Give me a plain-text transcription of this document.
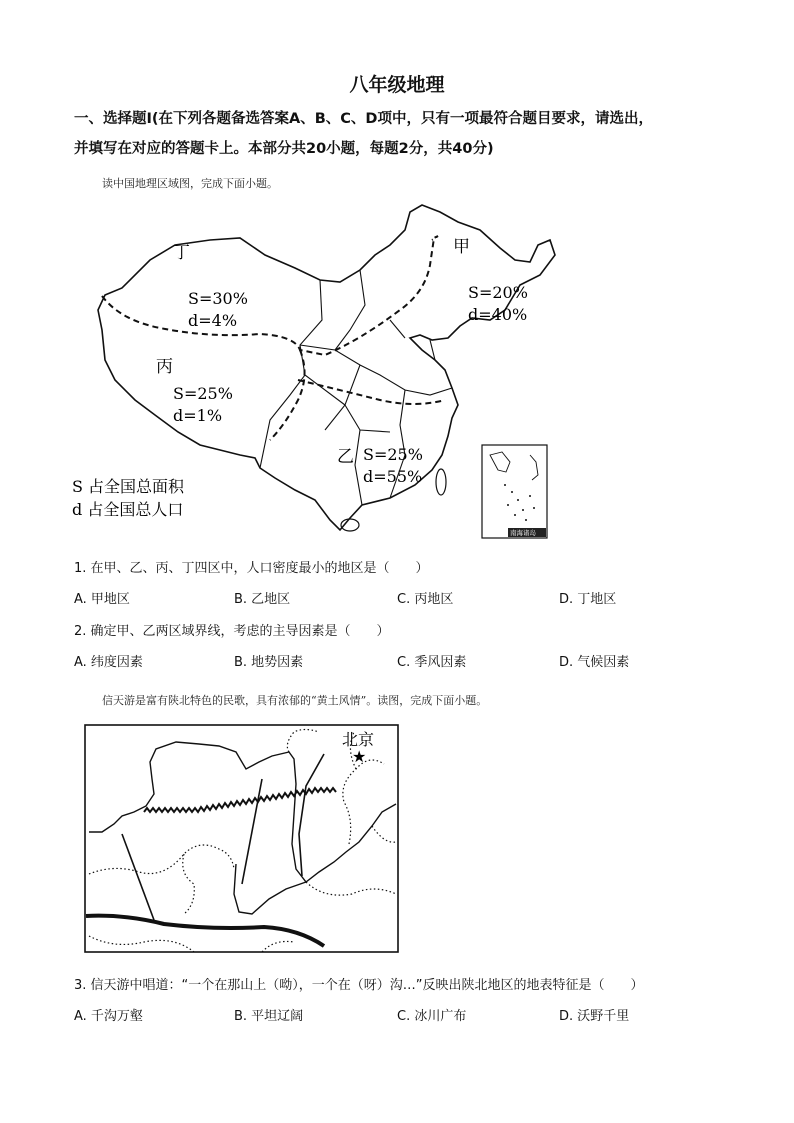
八年级地理
一、选择题Ⅰ(在下列各题备选答案A、B、C、D项中，只有一项最符合题目要求，请选出，
并填写在对应的答题卡上。本部分共20小题，每题2分，共40分)
读中国地理区域图，完成下面小题。
丁
S=30%
d=4%
甲
S=20%
d=40%
丙
S=25%
d=1%
乙 S=25%
d=55%
S 占全国总面积
d 占全国总人口
南海诸岛
1. 在甲、乙、丙、丁四区中，人口密度最小的地区是（　　）
A. 甲地区	B. 乙地区	C. 丙地区	D. 丁地区
2. 确定甲、乙两区域界线，考虑的主导因素是（　　）
A. 纬度因素	B. 地势因素	C. 季风因素	D. 气候因素
信天游是富有陕北特色的民歌，具有浓郁的“黄土风情”。读图，完成下面小题。
北京
★
3. 信天游中唱道：“一个在那山上（呦），一个在（呀）沟…”反映出陕北地区的地表特征是（　　）
A. 千沟万壑	B. 平坦辽阔	C. 冰川广布	D. 沃野千里
